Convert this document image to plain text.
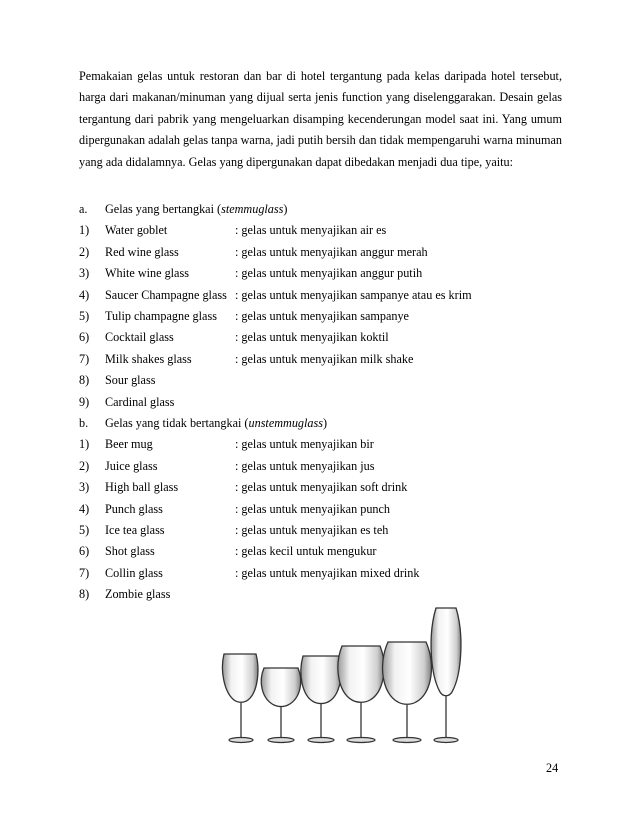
Pemakaian gelas untuk restoran dan bar di hotel tergantung pada kelas daripada hotel tersebut, harga dari makanan/minuman yang dijual serta jenis function yang diselenggarakan. Desain gelas tergantung dari pabrik yang mengeluarkan disamping kecenderungan model saat ini. Yang umum dipergunakan adalah gelas tanpa warna, jadi putih bersih dan tidak mempengaruhi warna minuman yang ada didalamnya. Gelas yang dipergunakan dapat dibedakan menjadi dua tipe, yaitu:

a. Gelas yang bertangkai (stemmuglass)
1) Water goblet	: gelas untuk menyajikan air es
2) Red wine glass	: gelas untuk menyajikan anggur merah
3) White wine glass	: gelas untuk menyajikan anggur putih
4) Saucer Champagne glass : gelas untuk menyajikan sampanye atau es krim
5) Tulip champagne glass : gelas untuk menyajikan sampanye
6) Cocktail glass	: gelas untuk menyajikan koktil
7) Milk shakes glass	: gelas untuk menyajikan milk shake
8) Sour glass
9) Cardinal glass
b. Gelas yang tidak bertangkai (unstemmuglass)
1) Beer mug	: gelas untuk menyajikan bir
2) Juice glass	: gelas untuk menyajikan jus
3) High ball glass	: gelas untuk menyajikan soft drink
4) Punch glass	: gelas untuk menyajikan punch
5) Ice tea glass	: gelas untuk menyajikan es teh
6) Shot glass	: gelas kecil untuk mengukur
7) Collin glass	: gelas untuk menyajikan mixed drink
8) Zombie glass
24
